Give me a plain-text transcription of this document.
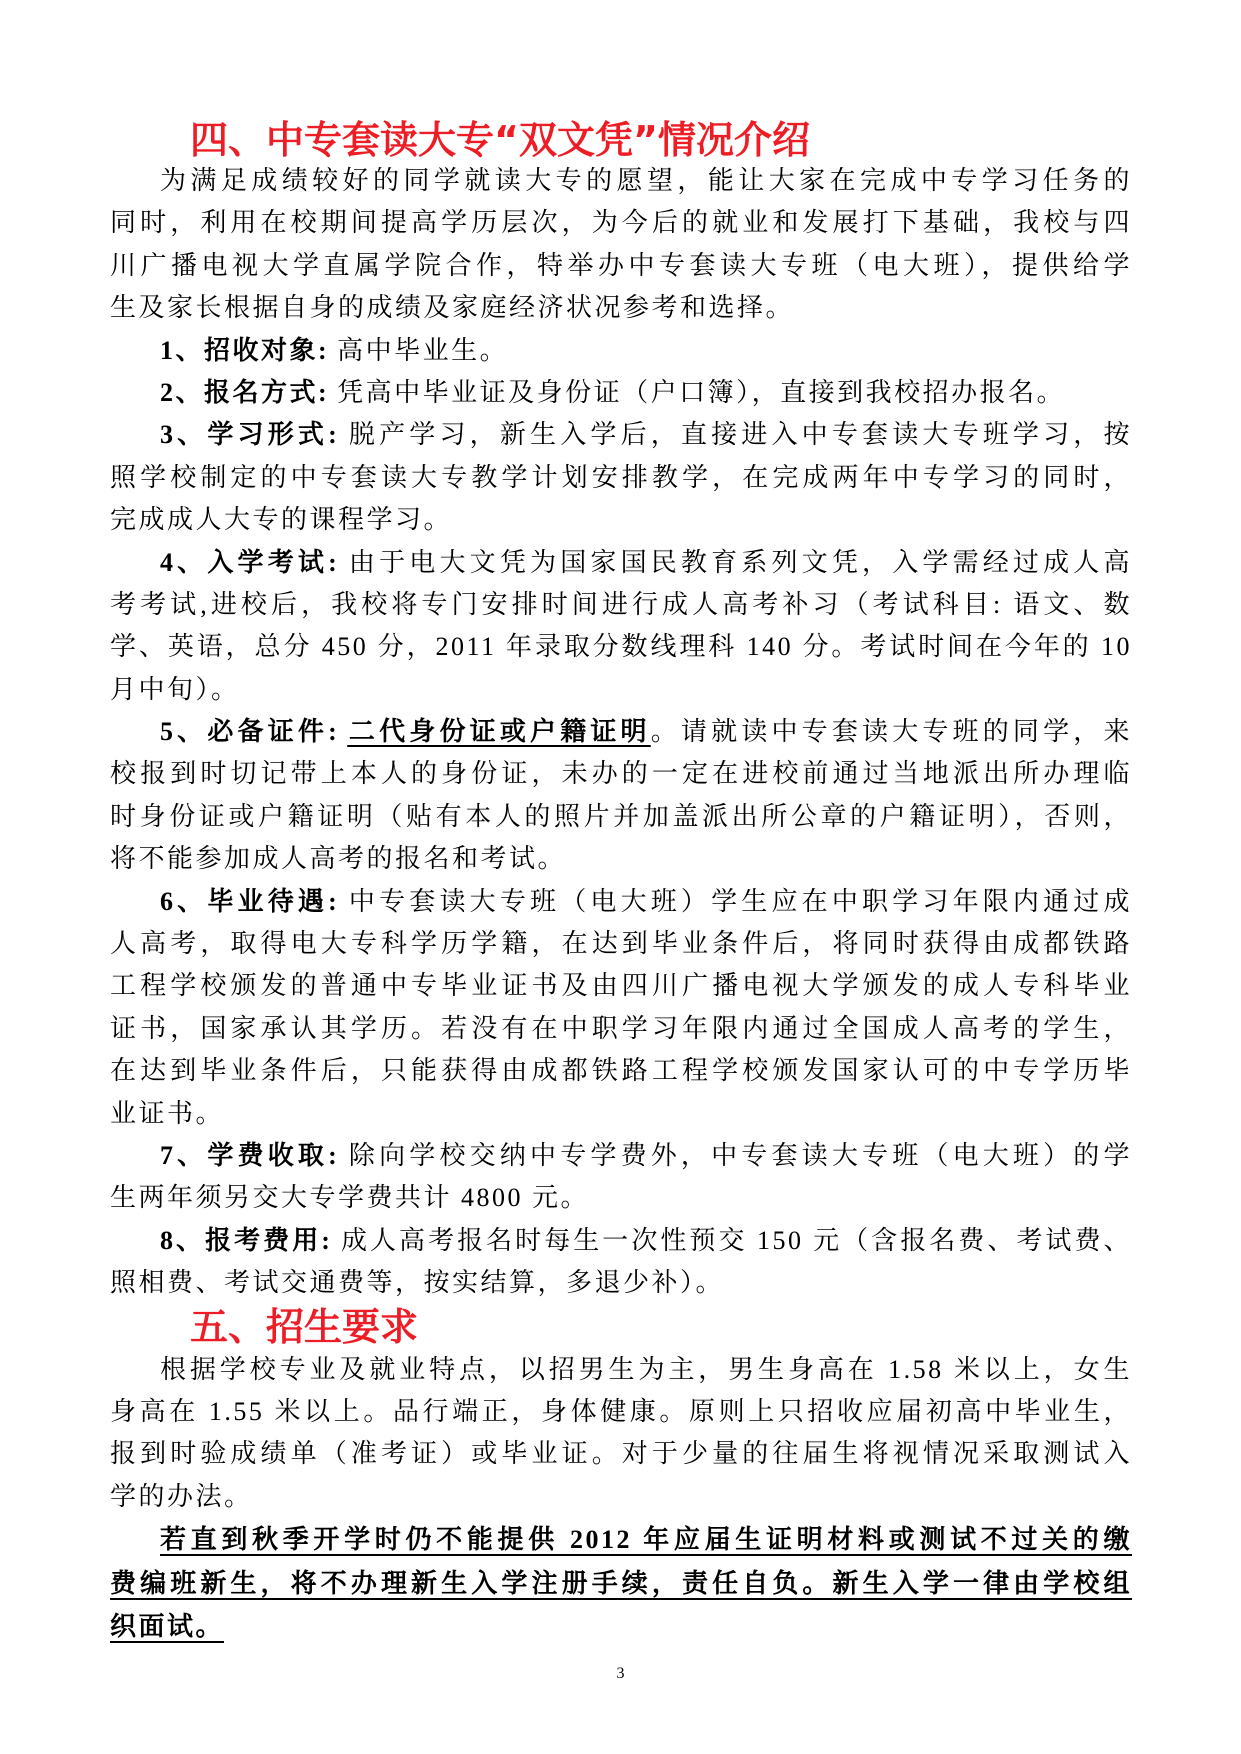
四、中专套读大专“双文凭”情况介绍
为满足成绩较好的同学就读大专的愿望，能让大家在完成中专学习任务的
同时，利用在校期间提高学历层次，为今后的就业和发展打下基础，我校与四
川广播电视大学直属学院合作，特举办中专套读大专班（电大班），提供给学
生及家长根据自身的成绩及家庭经济状况参考和选择。
1、招收对象: 高中毕业生。
2、报名方式: 凭高中毕业证及身份证（户口簿），直接到我校招办报名。
3、学习形式: 脱产学习，新生入学后，直接进入中专套读大专班学习，按
照学校制定的中专套读大专教学计划安排教学，在完成两年中专学习的同时，
完成成人大专的课程学习。
4、入学考试: 由于电大文凭为国家国民教育系列文凭，入学需经过成人高
考考试,进校后，我校将专门安排时间进行成人高考补习（考试科目: 语文、数
学、英语，总分 450 分，2011 年录取分数线理科 140 分。考试时间在今年的 10
月中旬）。
5、必备证件: 二代身份证或户籍证明。请就读中专套读大专班的同学，来
校报到时切记带上本人的身份证，未办的一定在进校前通过当地派出所办理临
时身份证或户籍证明（贴有本人的照片并加盖派出所公章的户籍证明），否则，
将不能参加成人高考的报名和考试。
6、毕业待遇: 中专套读大专班（电大班）学生应在中职学习年限内通过成
人高考，取得电大专科学历学籍，在达到毕业条件后，将同时获得由成都铁路
工程学校颁发的普通中专毕业证书及由四川广播电视大学颁发的成人专科毕业
证书，国家承认其学历。若没有在中职学习年限内通过全国成人高考的学生，
在达到毕业条件后，只能获得由成都铁路工程学校颁发国家认可的中专学历毕
业证书。
7、学费收取: 除向学校交纳中专学费外，中专套读大专班（电大班）的学
生两年须另交大专学费共计 4800 元。
8、报考费用: 成人高考报名时每生一次性预交 150 元（含报名费、考试费、
照相费、考试交通费等，按实结算，多退少补）。
五、招生要求
根据学校专业及就业特点，以招男生为主，男生身高在 1.58 米以上，女生
身高在 1.55 米以上。品行端正，身体健康。原则上只招收应届初高中毕业生，
报到时验成绩单（准考证）或毕业证。对于少量的往届生将视情况采取测试入
学的办法。
若直到秋季开学时仍不能提供 2012 年应届生证明材料或测试不过关的缴
费编班新生，将不办理新生入学注册手续，责任自负。新生入学一律由学校组
织面试。
3
